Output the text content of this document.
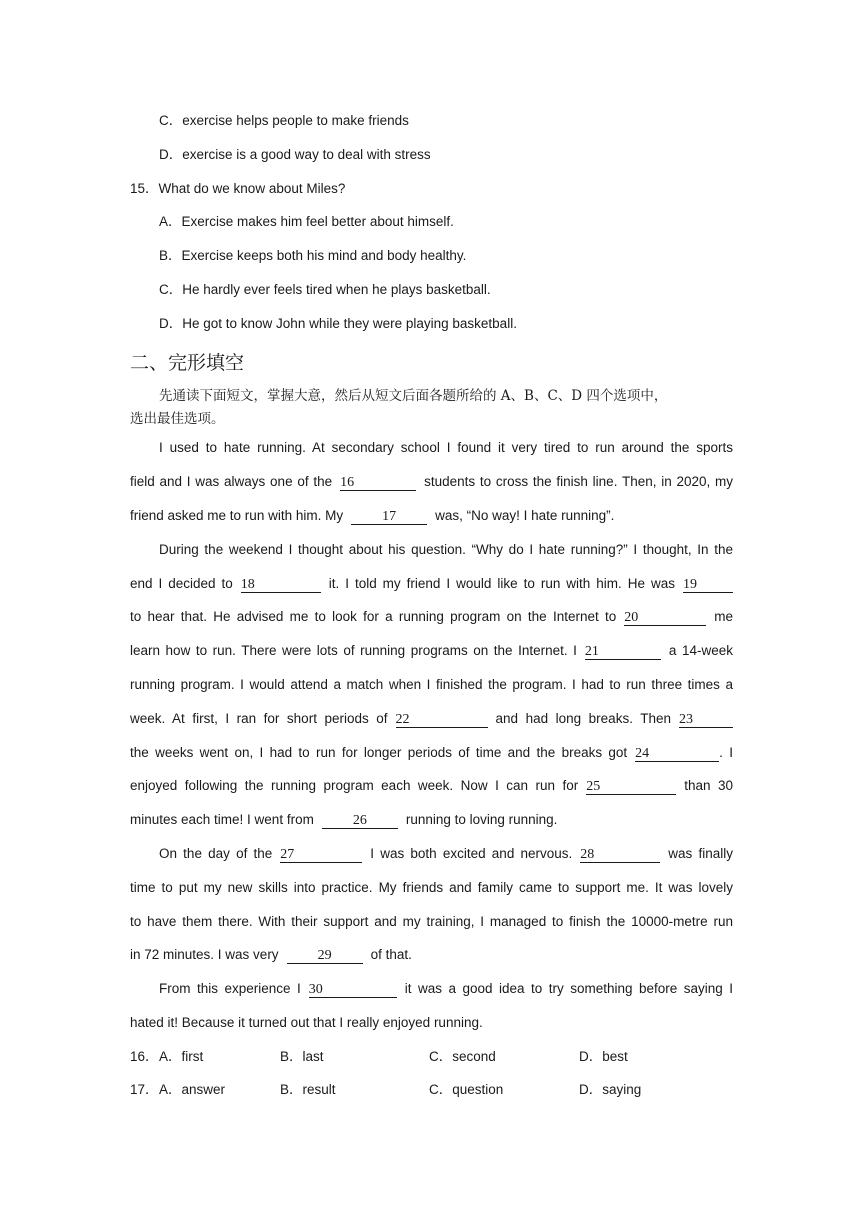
C．exercise helps people to make friends
D．exercise is a good way to deal with stress
15．What do we know about Miles?
A．Exercise makes him feel better about himself.
B．Exercise keeps both his mind and body healthy.
C．He hardly ever feels tired when he plays basketball.
D．He got to know John while they were playing basketball.
二、完形填空
先通读下面短文，掌握大意，然后从短文后面各题所给的 A、B、C、D 四个选项中，
选出最佳选项。
I used to hate running. At secondary school I found it very tired to run around the sports
field and I was always one of the 16	students to cross the finish line. Then, in 2020, my
friend asked me to run with him. My	17	was, “No way! I hate running”.
During the weekend I thought about his question. “Why do I hate running?” I thought, In the
end I decided to 18	it. I told my friend I would like to run with him. He was 19
to hear that. He advised me to look for a running program on the Internet to 20	me
learn how to run. There were lots of running programs on the Internet. I 21	a 14-week
running program. I would attend a match when I finished the program. I had to run three times a
week. At first, I ran for short periods of 22	and had long breaks. Then 23
the weeks went on, I had to run for longer periods of time and the breaks got 24	. I
enjoyed following the running program each week. Now I can run for 25	than 30
minutes each time! I went from	26	running to loving running.
On the day of the 27	I was both excited and nervous. 28	was finally
time to put my new skills into practice. My friends and family came to support me. It was lovely
to have them there. With their support and my training, I managed to finish the 10000-metre run
in 72 minutes. I was very	29	of that.
From this experience I 30	it was a good idea to try something before saying I
hated it! Because it turned out that I really enjoyed running.
16． A．first	B．last	C．second	D．best
17． A．answer	B．result	C．question	D．saying
